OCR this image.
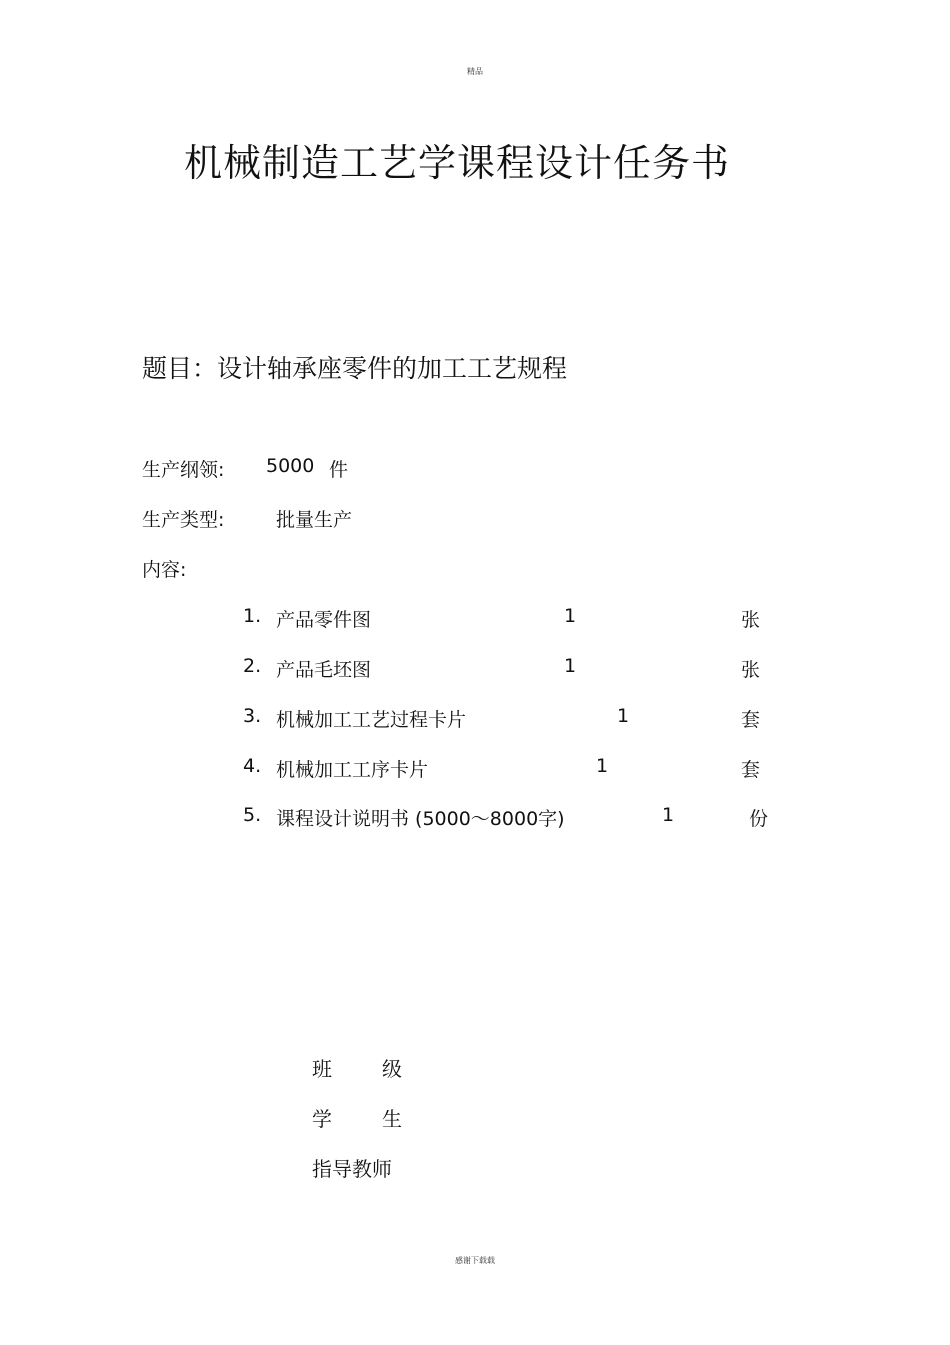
精品
机械制造工艺学课程设计任务书
题目：设计轴承座零件的加工工艺规程
生产纲领: 5000 件
生产类型:	批量生产
内容:
1. 产品零件图	1	张
2. 产品毛坯图	1	张
3. 机械加工工艺过程卡片	1	套
4. 机械加工工序卡片	1	套
5. 课程设计说明书 (5000～8000字)	1	份
班	级
学	生
指导教师
感谢下载载
